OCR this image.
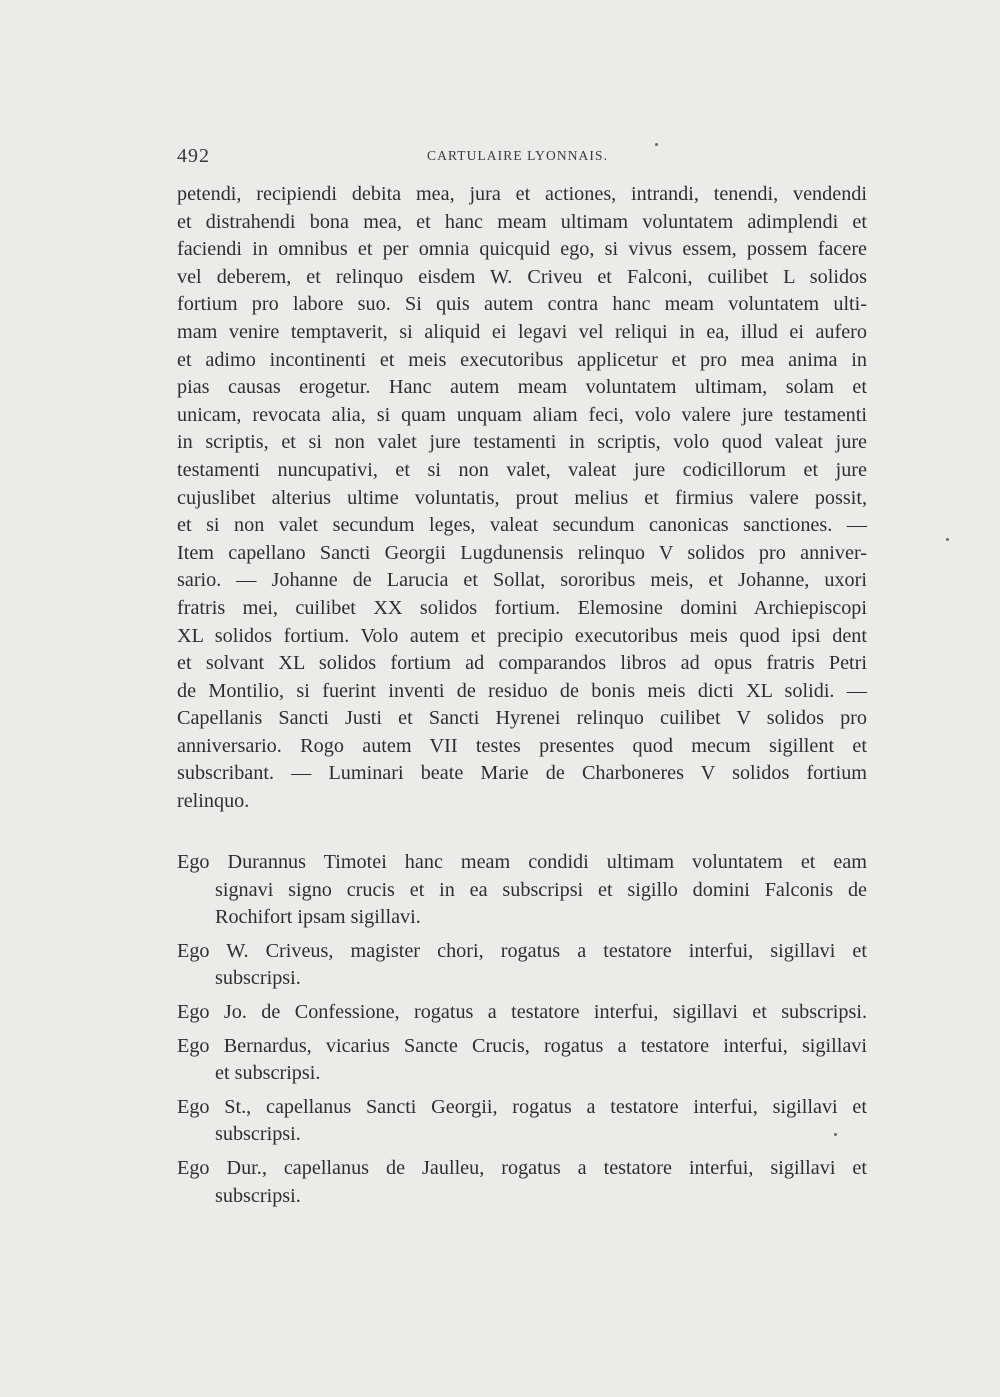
492	CARTULAIRE LYONNAIS.
petendi, recipiendi debita mea, jura et actiones, intrandi, tenendi, vendendi
et distrahendi bona mea, et hanc meam ultimam voluntatem adimplendi et
faciendi in omnibus et per omnia quicquid ego, si vivus essem, possem facere
vel deberem, et relinquo eisdem W. Criveu et Falconi, cuilibet L solidos
fortium pro labore suo. Si quis autem contra hanc meam voluntatem ulti-
mam venire temptaverit, si aliquid ei legavi vel reliqui in ea, illud ei aufero
et adimo incontinenti et meis executoribus applicetur et pro mea anima in
pias causas erogetur. Hanc autem meam voluntatem ultimam, solam et
unicam, revocata alia, si quam unquam aliam feci, volo valere jure testamenti
in scriptis, et si non valet jure testamenti in scriptis, volo quod valeat jure
testamenti nuncupativi, et si non valet, valeat jure codicillorum et jure
cujuslibet alterius ultime voluntatis, prout melius et firmius valere possit,
et si non valet secundum leges, valeat secundum canonicas sanctiones. —
Item capellano Sancti Georgii Lugdunensis relinquo V solidos pro anniver-
sario. — Johanne de Larucia et Sollat, sororibus meis, et Johanne, uxori
fratris mei, cuilibet XX solidos fortium. Elemosine domini Archiepiscopi
XL solidos fortium. Volo autem et precipio executoribus meis quod ipsi dent
et solvant XL solidos fortium ad comparandos libros ad opus fratris Petri
de Montilio, si fuerint inventi de residuo de bonis meis dicti XL solidi. —
Capellanis Sancti Justi et Sancti Hyrenei relinquo cuilibet V solidos pro
anniversario. Rogo autem VII testes presentes quod mecum sigillent et
subscribant. — Luminari beate Marie de Charboneres V solidos fortium
relinquo.
Ego Durannus Timotei hanc meam condidi ultimam voluntatem et eam
signavi signo crucis et in ea subscripsi et sigillo domini Falconis de
Rochifort ipsam sigillavi.
Ego W. Criveus, magister chori, rogatus a testatore interfui, sigillavi et
subscripsi.
Ego Jo. de Confessione, rogatus a testatore interfui, sigillavi et subscripsi.
Ego Bernardus, vicarius Sancte Crucis, rogatus a testatore interfui, sigillavi
et subscripsi.
Ego St., capellanus Sancti Georgii, rogatus a testatore interfui, sigillavi et
subscripsi.
Ego Dur., capellanus de Jaulleu, rogatus a testatore interfui, sigillavi et
subscripsi.
